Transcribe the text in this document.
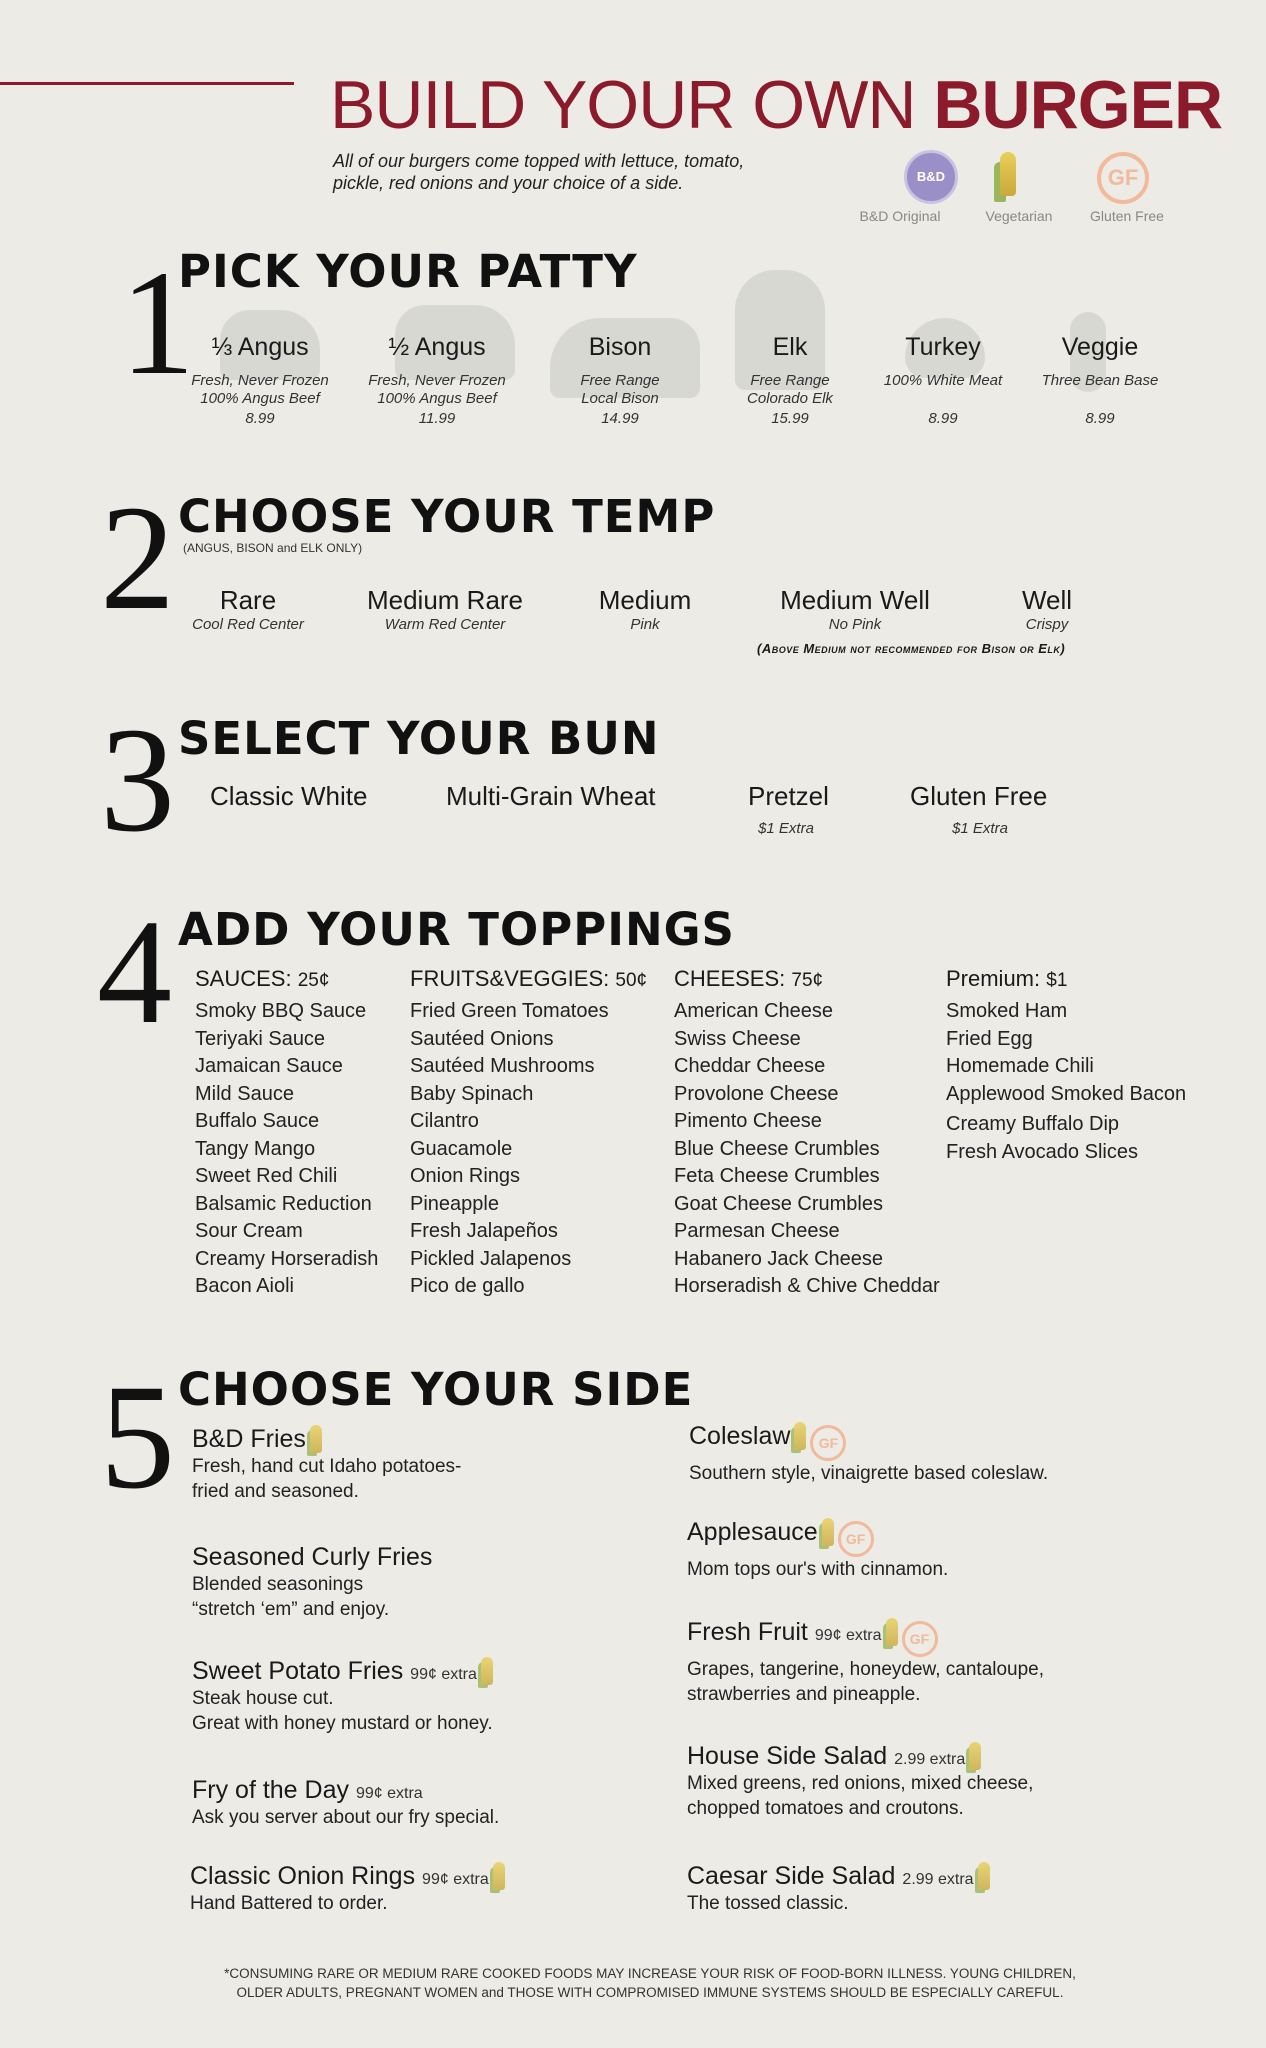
BUILD YOUR OWN BURGER
All of our burgers come topped with lettuce, tomato, pickle, red onions and your choice of a side.	B&D
B&D Original	Vegetarian
GF
Gluten Free
1
PICK YOUR PATTY
⅓ Angus
Fresh, Never Frozen
100% Angus Beef
8.99
½ Angus
Fresh, Never Frozen
100% Angus Beef
11.99
Bison
Free Range
Local Bison
14.99
Elk
Free Range
Colorado Elk
15.99
Turkey
100% White Meat
8.99
Veggie
Three Bean Base
8.99
2 CHOOSE YOUR TEMP
(ANGUS, BISON and ELK ONLY)
Rare
Cool Red Center
Medium Rare
Warm Red Center
Medium
Pink
Medium Well
No Pink
Well
Crispy
(Above Medium not recommended for Bison or Elk)
3 SELECT YOUR BUN
Classic White	Multi-Grain Wheat	Pretzel
$1 Extra
Gluten Free
$1 Extra
4 ADD YOUR TOPPINGS
SAUCES: 25¢
Smoky BBQ Sauce
Teriyaki Sauce
Jamaican Sauce
Mild Sauce
Buffalo Sauce
Tangy Mango
Sweet Red Chili
Balsamic Reduction
Sour Cream
Creamy Horseradish
Bacon Aioli
FRUITS&VEGGIES: 50¢
Fried Green Tomatoes
Sautéed Onions
Sautéed Mushrooms
Baby Spinach
Cilantro
Guacamole
Onion Rings
Pineapple
Fresh Jalapeños
Pickled Jalapenos
Pico de gallo
CHEESES: 75¢
American Cheese
Swiss Cheese
Cheddar Cheese
Provolone Cheese
Pimento Cheese
Blue Cheese Crumbles
Feta Cheese Crumbles
Goat Cheese Crumbles
Parmesan Cheese
Habanero Jack Cheese
Horseradish & Chive Cheddar
Premium: $1
Smoked Ham
Fried Egg
Homemade Chili
Applewood Smoked Bacon
Creamy Buffalo Dip
Fresh Avocado Slices
5 CHOOSE YOUR SIDE
B&D Fries
Fresh, hand cut Idaho potatoes-
fried and seasoned.
Seasoned Curly Fries
Blended seasonings
“stretch ‘em” and enjoy.
Sweet Potato Fries 99¢ extra
Steak house cut.
Great with honey mustard or honey.
Fry of the Day 99¢ extra
Ask you server about our fry special.
Classic Onion Rings 99¢ extra
Hand Battered to order.
Coleslaw GF
Southern style, vinaigrette based coleslaw.
Applesauce GF
Mom tops our's with cinnamon.
Fresh Fruit 99¢ extra GF
Grapes, tangerine, honeydew, cantaloupe,
strawberries and pineapple.
House Side Salad 2.99 extra
Mixed greens, red onions, mixed cheese,
chopped tomatoes and croutons.
Caesar Side Salad 2.99 extra
The tossed classic.
*CONSUMING RARE OR MEDIUM RARE COOKED FOODS MAY INCREASE YOUR RISK OF FOOD-BORN ILLNESS. YOUNG CHILDREN,
OLDER ADULTS, PREGNANT WOMEN and THOSE WITH COMPROMISED IMMUNE SYSTEMS SHOULD BE ESPECIALLY CAREFUL.
